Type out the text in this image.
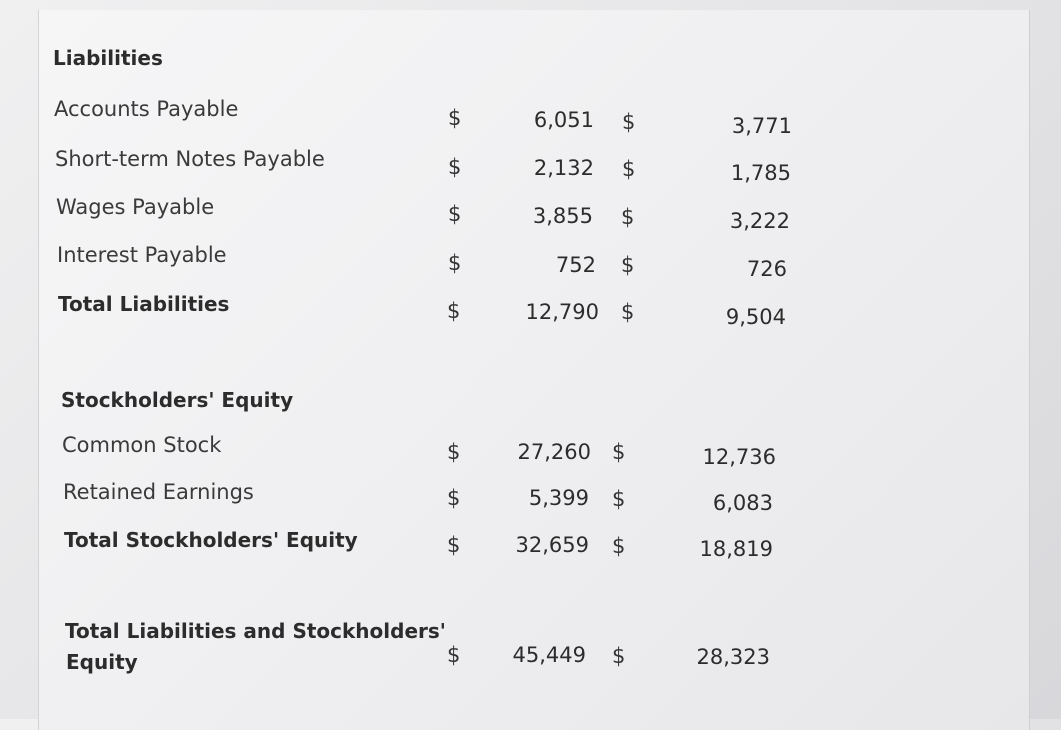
Liabilities
Accounts Payable	$	6,051 $	3,771
Short-term Notes Payable	$	2,132 $	1,785
Wages Payable	$	3,855 $	3,222
Interest Payable	$	752 $	726
Total Liabilities	$	12,790 $	9,504
Stockholders' Equity
Common Stock	$	27,260 $	12,736
Retained Earnings	$	5,399 $	6,083
Total Stockholders' Equity	$	32,659 $	18,819
Total Liabilities and Stockholders'
Equity	$	45,449 $	28,323
